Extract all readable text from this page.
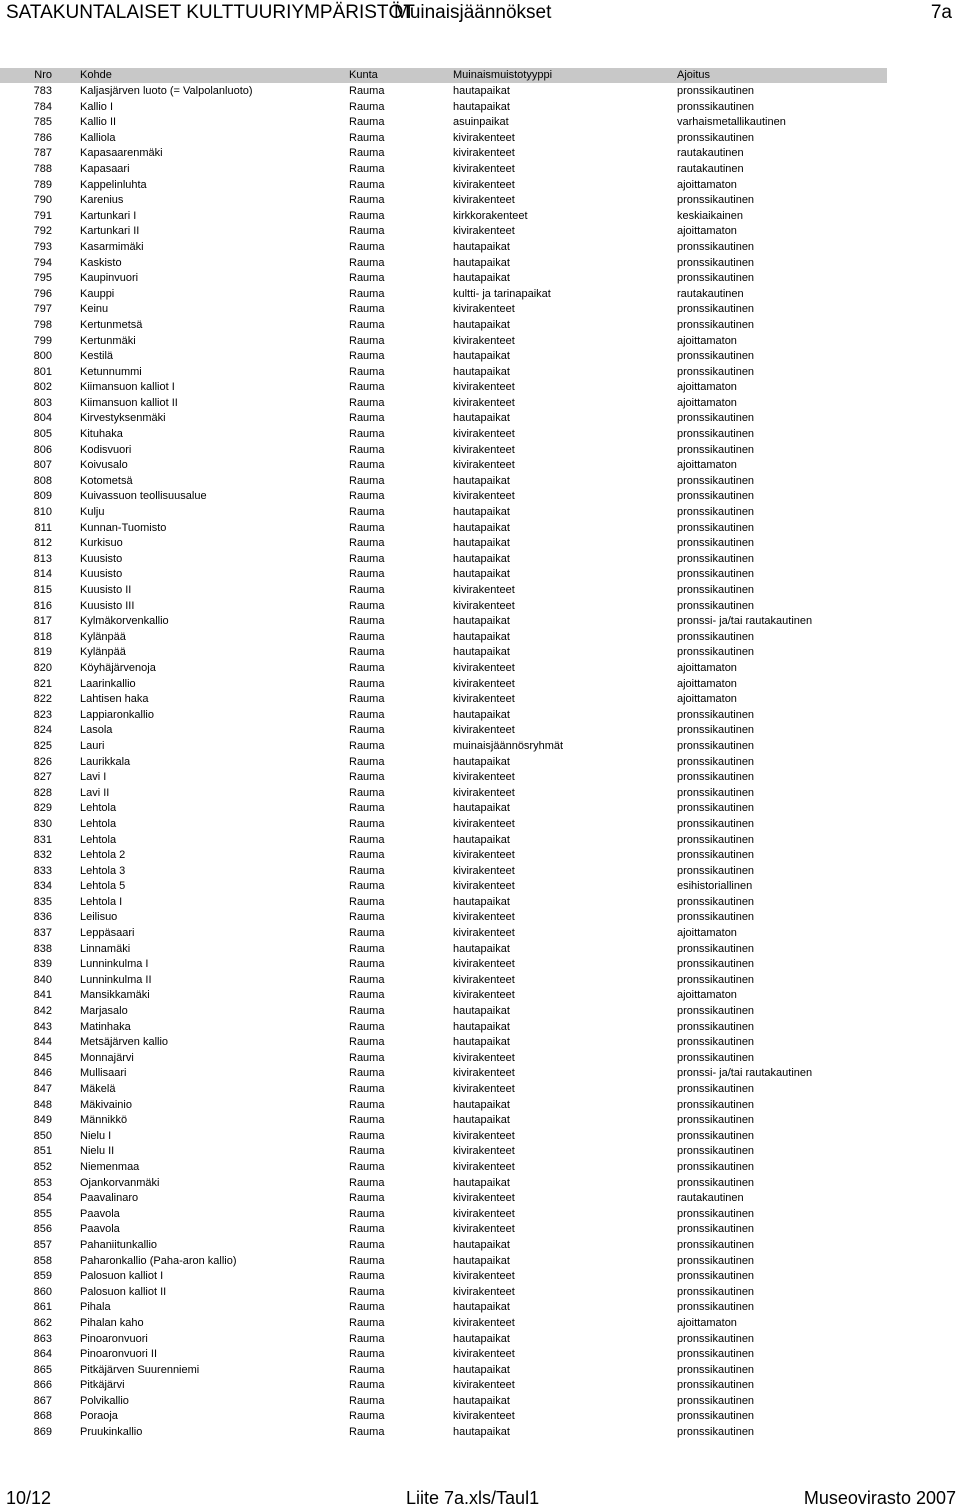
SATAKUNTALAISET KULTTUURIYMPÄRISTÖT
Muinaisjäännökset	7a
Nro	Kohde	Kunta	Muinaismuistotyyppi	Ajoitus
783	Kaljasjärven luoto (= Valpolanluoto)	Rauma	hautapaikat	pronssikautinen
784	Kallio I	Rauma	hautapaikat	pronssikautinen
785	Kallio II	Rauma	asuinpaikat	varhaismetallikautinen
786	Kalliola	Rauma	kivirakenteet	pronssikautinen
787	Kapasaarenmäki	Rauma	kivirakenteet	rautakautinen
788	Kapasaari	Rauma	kivirakenteet	rautakautinen
789	Kappelinluhta	Rauma	kivirakenteet	ajoittamaton
790	Karenius	Rauma	kivirakenteet	pronssikautinen
791	Kartunkari I	Rauma	kirkkorakenteet	keskiaikainen
792	Kartunkari II	Rauma	kivirakenteet	ajoittamaton
793	Kasarmimäki	Rauma	hautapaikat	pronssikautinen
794	Kaskisto	Rauma	hautapaikat	pronssikautinen
795	Kaupinvuori	Rauma	hautapaikat	pronssikautinen
796	Kauppi	Rauma	kultti- ja tarinapaikat	rautakautinen
797	Keinu	Rauma	kivirakenteet	pronssikautinen
798	Kertunmetsä	Rauma	hautapaikat	pronssikautinen
799	Kertunmäki	Rauma	kivirakenteet	ajoittamaton
800	Kestilä	Rauma	hautapaikat	pronssikautinen
801	Ketunnummi	Rauma	hautapaikat	pronssikautinen
802	Kiimansuon kalliot I	Rauma	kivirakenteet	ajoittamaton
803	Kiimansuon kalliot II	Rauma	kivirakenteet	ajoittamaton
804	Kirvestyksenmäki	Rauma	hautapaikat	pronssikautinen
805	Kituhaka	Rauma	kivirakenteet	pronssikautinen
806	Kodisvuori	Rauma	kivirakenteet	pronssikautinen
807	Koivusalo	Rauma	kivirakenteet	ajoittamaton
808	Kotometsä	Rauma	hautapaikat	pronssikautinen
809	Kuivassuon teollisuusalue	Rauma	kivirakenteet	pronssikautinen
810	Kulju	Rauma	hautapaikat	pronssikautinen
811	Kunnan-Tuomisto	Rauma	hautapaikat	pronssikautinen
812	Kurkisuo	Rauma	hautapaikat	pronssikautinen
813	Kuusisto	Rauma	hautapaikat	pronssikautinen
814	Kuusisto	Rauma	hautapaikat	pronssikautinen
815	Kuusisto II	Rauma	kivirakenteet	pronssikautinen
816	Kuusisto III	Rauma	kivirakenteet	pronssikautinen
817	Kylmäkorvenkallio	Rauma	hautapaikat	pronssi- ja/tai rautakautinen
818	Kylänpää	Rauma	hautapaikat	pronssikautinen
819	Kylänpää	Rauma	hautapaikat	pronssikautinen
820	Köyhäjärvenoja	Rauma	kivirakenteet	ajoittamaton
821	Laarinkallio	Rauma	kivirakenteet	ajoittamaton
822	Lahtisen haka	Rauma	kivirakenteet	ajoittamaton
823	Lappiaronkallio	Rauma	hautapaikat	pronssikautinen
824	Lasola	Rauma	kivirakenteet	pronssikautinen
825	Lauri	Rauma	muinaisjäännösryhmät	pronssikautinen
826	Laurikkala	Rauma	hautapaikat	pronssikautinen
827	Lavi I	Rauma	kivirakenteet	pronssikautinen
828	Lavi II	Rauma	kivirakenteet	pronssikautinen
829	Lehtola	Rauma	hautapaikat	pronssikautinen
830	Lehtola	Rauma	kivirakenteet	pronssikautinen
831	Lehtola	Rauma	hautapaikat	pronssikautinen
832	Lehtola 2	Rauma	kivirakenteet	pronssikautinen
833	Lehtola 3	Rauma	kivirakenteet	pronssikautinen
834	Lehtola 5	Rauma	kivirakenteet	esihistoriallinen
835	Lehtola I	Rauma	hautapaikat	pronssikautinen
836	Leilisuo	Rauma	kivirakenteet	pronssikautinen
837	Leppäsaari	Rauma	kivirakenteet	ajoittamaton
838	Linnamäki	Rauma	hautapaikat	pronssikautinen
839	Lunninkulma I	Rauma	kivirakenteet	pronssikautinen
840	Lunninkulma II	Rauma	kivirakenteet	pronssikautinen
841	Mansikkamäki	Rauma	kivirakenteet	ajoittamaton
842	Marjasalo	Rauma	hautapaikat	pronssikautinen
843	Matinhaka	Rauma	hautapaikat	pronssikautinen
844	Metsäjärven kallio	Rauma	hautapaikat	pronssikautinen
845	Monnajärvi	Rauma	kivirakenteet	pronssikautinen
846	Mullisaari	Rauma	kivirakenteet	pronssi- ja/tai rautakautinen
847	Mäkelä	Rauma	kivirakenteet	pronssikautinen
848	Mäkivainio	Rauma	hautapaikat	pronssikautinen
849	Männikkö	Rauma	hautapaikat	pronssikautinen
850	Nielu I	Rauma	kivirakenteet	pronssikautinen
851	Nielu II	Rauma	kivirakenteet	pronssikautinen
852	Niemenmaa	Rauma	kivirakenteet	pronssikautinen
853	Ojankorvanmäki	Rauma	hautapaikat	pronssikautinen
854	Paavalinaro	Rauma	kivirakenteet	rautakautinen
855	Paavola	Rauma	kivirakenteet	pronssikautinen
856	Paavola	Rauma	kivirakenteet	pronssikautinen
857	Pahaniitunkallio	Rauma	hautapaikat	pronssikautinen
858	Paharonkallio (Paha-aron kallio)	Rauma	hautapaikat	pronssikautinen
859	Palosuon kalliot I	Rauma	kivirakenteet	pronssikautinen
860	Palosuon kalliot II	Rauma	kivirakenteet	pronssikautinen
861	Pihala	Rauma	hautapaikat	pronssikautinen
862	Pihalan kaho	Rauma	kivirakenteet	ajoittamaton
863	Pinoaronvuori	Rauma	hautapaikat	pronssikautinen
864	Pinoaronvuori II	Rauma	kivirakenteet	pronssikautinen
865	Pitkäjärven Suurenniemi	Rauma	hautapaikat	pronssikautinen
866	Pitkäjärvi	Rauma	kivirakenteet	pronssikautinen
867	Polvikallio	Rauma	hautapaikat	pronssikautinen
868	Poraoja	Rauma	kivirakenteet	pronssikautinen
869	Pruukinkallio	Rauma	hautapaikat	pronssikautinen
10/12	Liite 7a.xls/Taul1	Museovirasto 2007
